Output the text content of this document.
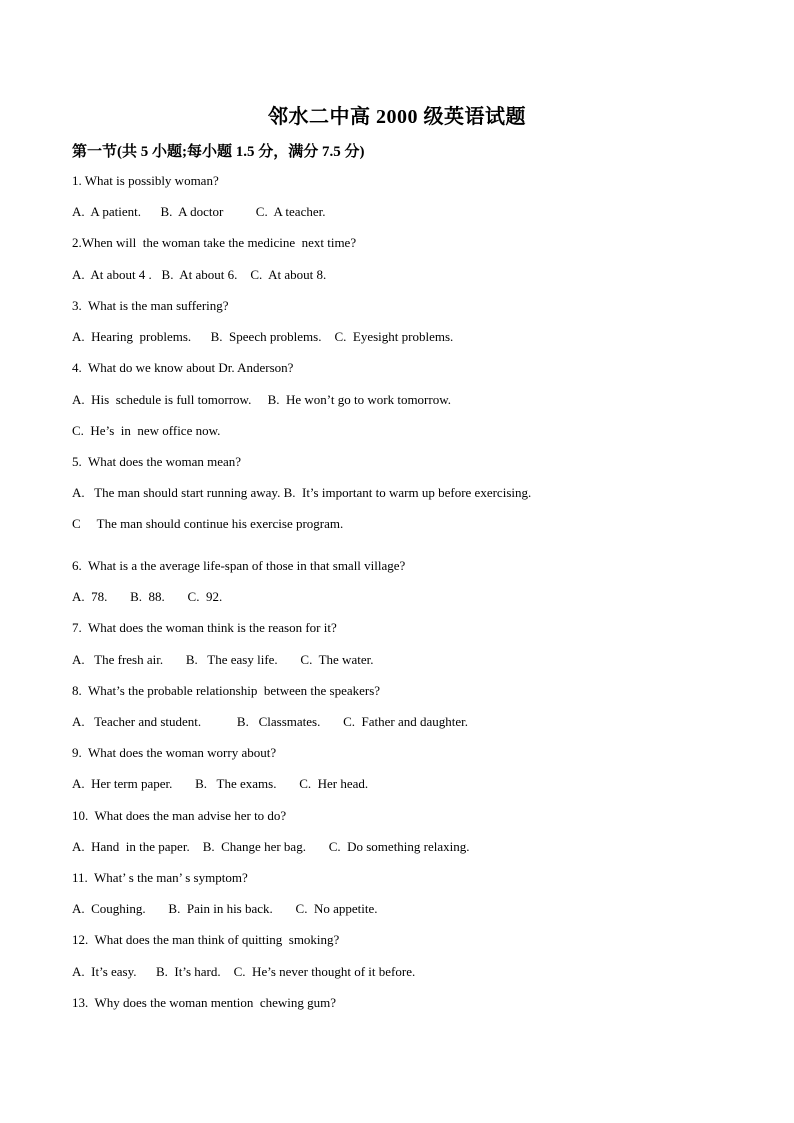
邻水二中高 2000 级英语试题

第一节(共 5 小题;每小题 1.5 分，满分 7.5 分)

1. What is possibly woman?

A.  A patient.      B.  A doctor          C.  A teacher.

2.When will  the woman take the medicine  next time?

A.  At about 4 .   B.  At about 6.    C.  At about 8.

3.  What is the man suffering?

A.  Hearing  problems.      B.  Speech problems.    C.  Eyesight problems.

4.  What do we know about Dr. Anderson?

A.  His  schedule is full tomorrow.     B.  He won’t go to work tomorrow.

C.  He’s  in  new office now.

5.  What does the woman mean?

A.   The man should start running away. B.  It’s important to warm up before exercising.

C     The man should continue his exercise program.

6.  What is a the average life-span of those in that small village?

A.  78.       B.  88.       C.  92.

7.  What does the woman think is the reason for it?

A.   The fresh air.       B.   The easy life.       C.  The water.

8.  What’s the probable relationship  between the speakers?

A.   Teacher and student.           B.   Classmates.       C.  Father and daughter.

9.  What does the woman worry about?

A.  Her term paper.       B.   The exams.       C.  Her head.

10.  What does the man advise her to do?

A.  Hand  in the paper.    B.  Change her bag.       C.  Do something relaxing.

11.  What’ s the man’ s symptom?

A.  Coughing.       B.  Pain in his back.       C.  No appetite.

12.  What does the man think of quitting  smoking?

A.  It’s easy.      B.  It’s hard.    C.  He’s never thought of it before.

13.  Why does the woman mention  chewing gum?
